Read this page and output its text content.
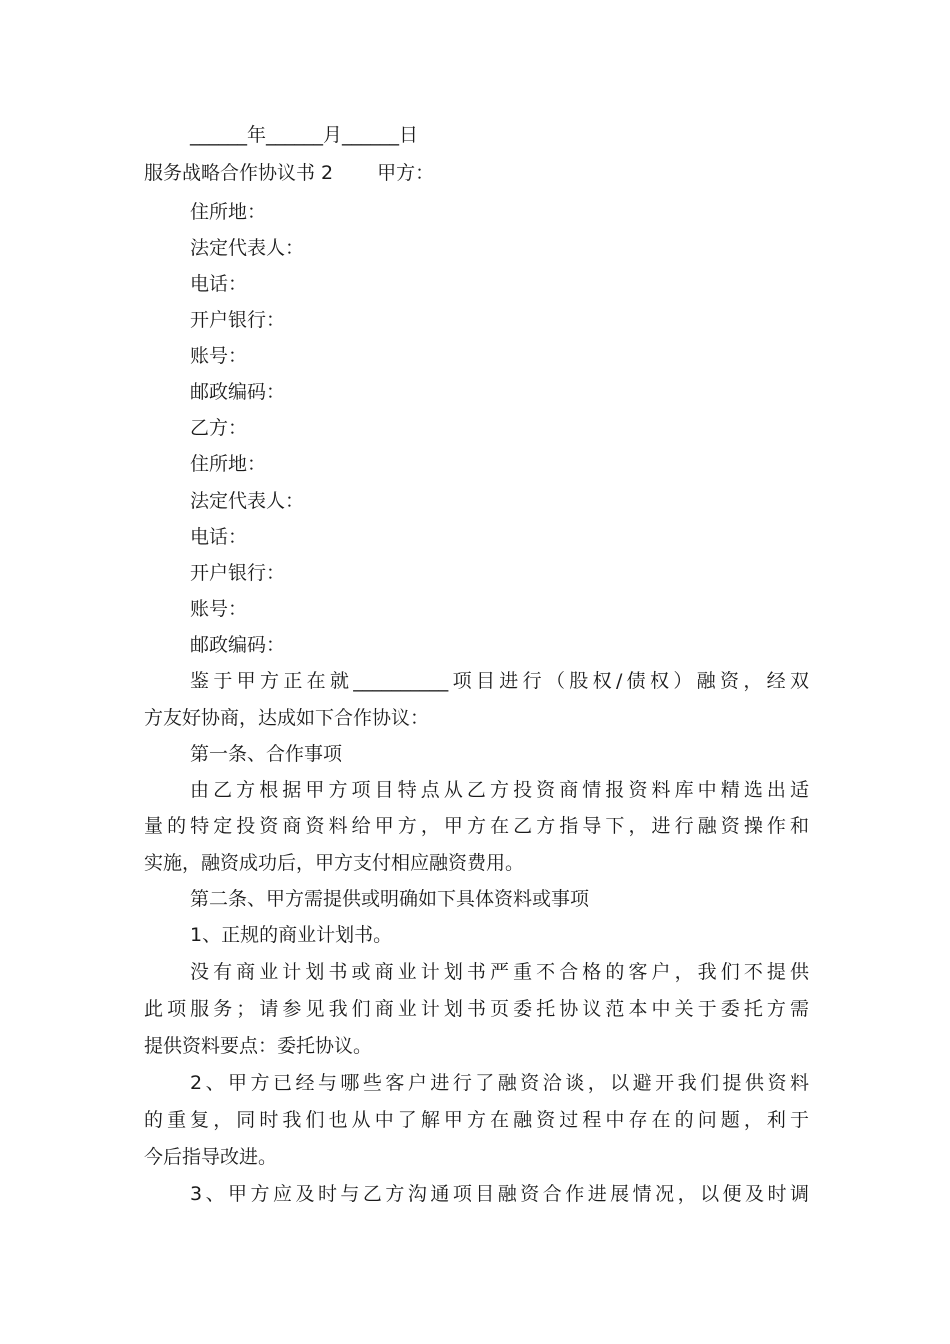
______年______月______日
服务战略合作协议书 2　　 甲方：
住所地：
法定代表人：
电话：
开户银行：
账号：
邮政编码：
乙方：
住所地：
法定代表人：
电话：
开户银行：
账号：
邮政编码：
鉴于甲方正在就__________项目进行（股权/债权）融资，经双
方友好协商，达成如下合作协议：
第一条、合作事项
由乙方根据甲方项目特点从乙方投资商情报资料库中精选出适
量的特定投资商资料给甲方，甲方在乙方指导下，进行融资操作和
实施，融资成功后，甲方支付相应融资费用。
第二条、甲方需提供或明确如下具体资料或事项
1、正规的商业计划书。
没有商业计划书或商业计划书严重不合格的客户，我们不提供
此项服务；请参见我们商业计划书页委托协议范本中关于委托方需
提供资料要点：委托协议。
2、甲方已经与哪些客户进行了融资洽谈，以避开我们提供资料
的重复，同时我们也从中了解甲方在融资过程中存在的问题，利于
今后指导改进。
3、甲方应及时与乙方沟通项目融资合作进展情况，以便及时调
